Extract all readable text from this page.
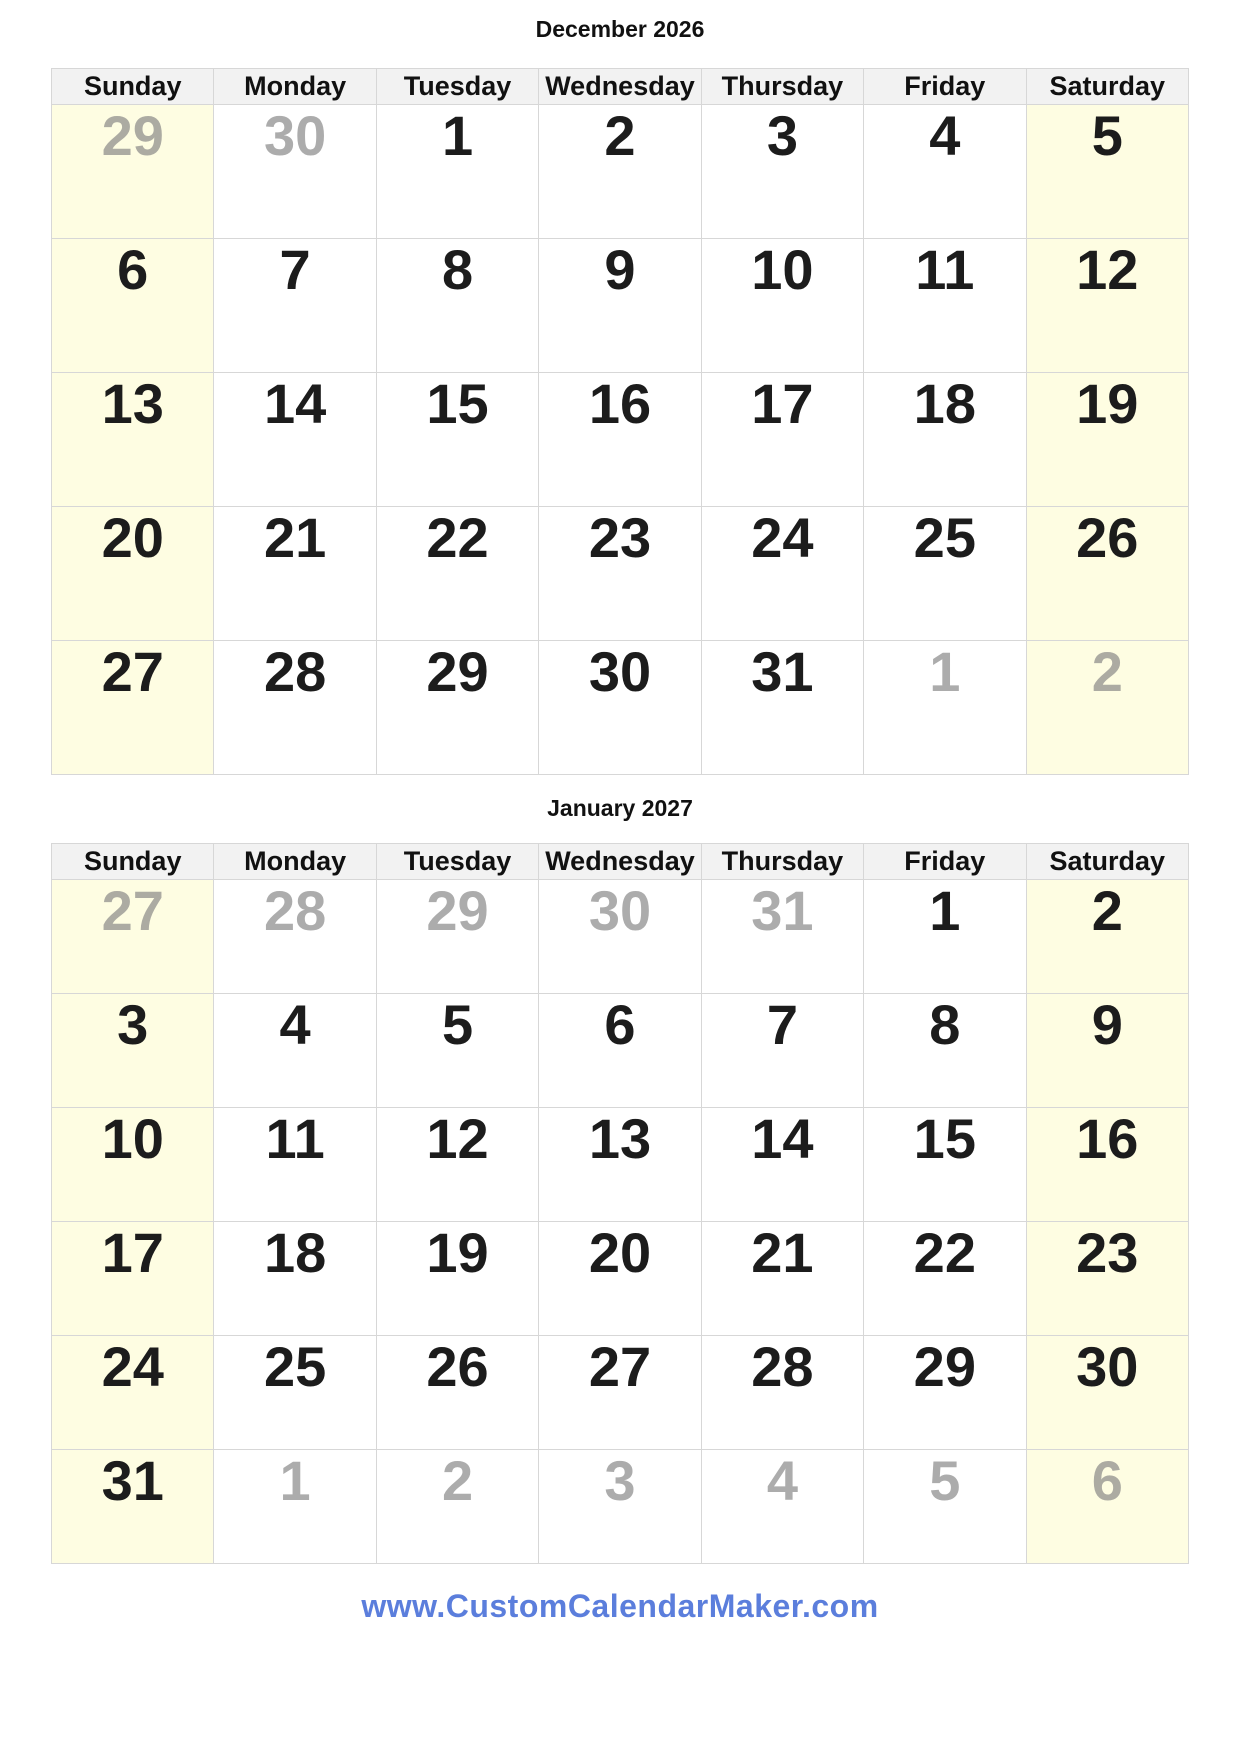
December 2026
Sunday	Monday	Tuesday	Wednesday	Thursday	Friday	Saturday
29	30	1	2	3	4	5
6	7	8	9	10	11	12
13	14	15	16	17	18	19
20	21	22	23	24	25	26
27	28	29	30	31	1	2
January 2027
Sunday	Monday	Tuesday	Wednesday	Thursday	Friday	Saturday
27	28	29	30	31	1	2
3	4	5	6	7	8	9
10	11	12	13	14	15	16
17	18	19	20	21	22	23
24	25	26	27	28	29	30
31	1	2	3	4	5	6
www.CustomCalendarMaker.com
